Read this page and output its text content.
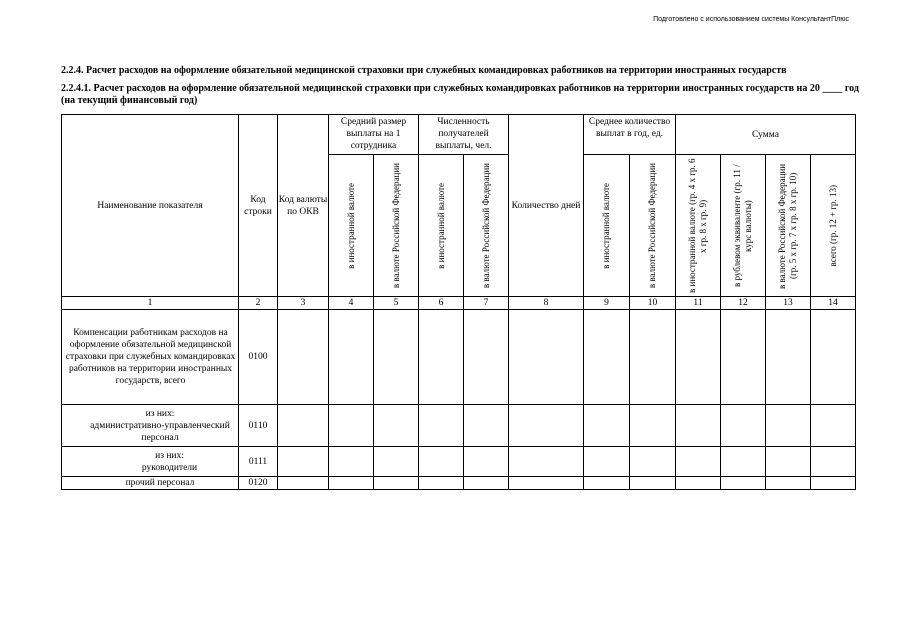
Подготовлено с использованием системы КонсультантПлюс
2.2.4. Расчет расходов на оформление обязательной медицинской страховки при служебных командировках работников на территории иностранных государств
2.2.4.1. Расчет расходов на оформление обязательной медицинской страховки при служебных командировках работников на территории иностранных государств на 20 ____ год (на текущий финансовый год)
Наименование показателя	Код строки	Код валюты по ОКВ	Средний размер выплаты на 1 сотрудника		Численность получателей выплаты, чел.		Количество дней	Среднее количество выплат в год, ед.		Сумма			

			в иностранной валюте	в валюте Российской Федерации	в иностранной валюте	в валюте Российской Федерации		в иностранной валюте	в валюте Российской Федерации	в иностранной валюте (гр. 4 x гр. 6 x гр. 8 x гр. 9)	в рублевом эквиваленте (гр. 11 / курс валюты)	в валюте Российской Федерации (гр. 5 x гр. 7 x гр. 8 x гр. 10)	всего (гр. 12 + гр. 13)

1	2	3	4	5	6	7	8	9	10	11	12	13	14
Компенсации работникам расходов на оформление обязательной медицинской страховки при служебных командировках работников на территории иностранных государств, всего	0100												

из них:
административно-управленческий персонал	0110												

из них:
руководители	0111												
прочий персонал	0120												
